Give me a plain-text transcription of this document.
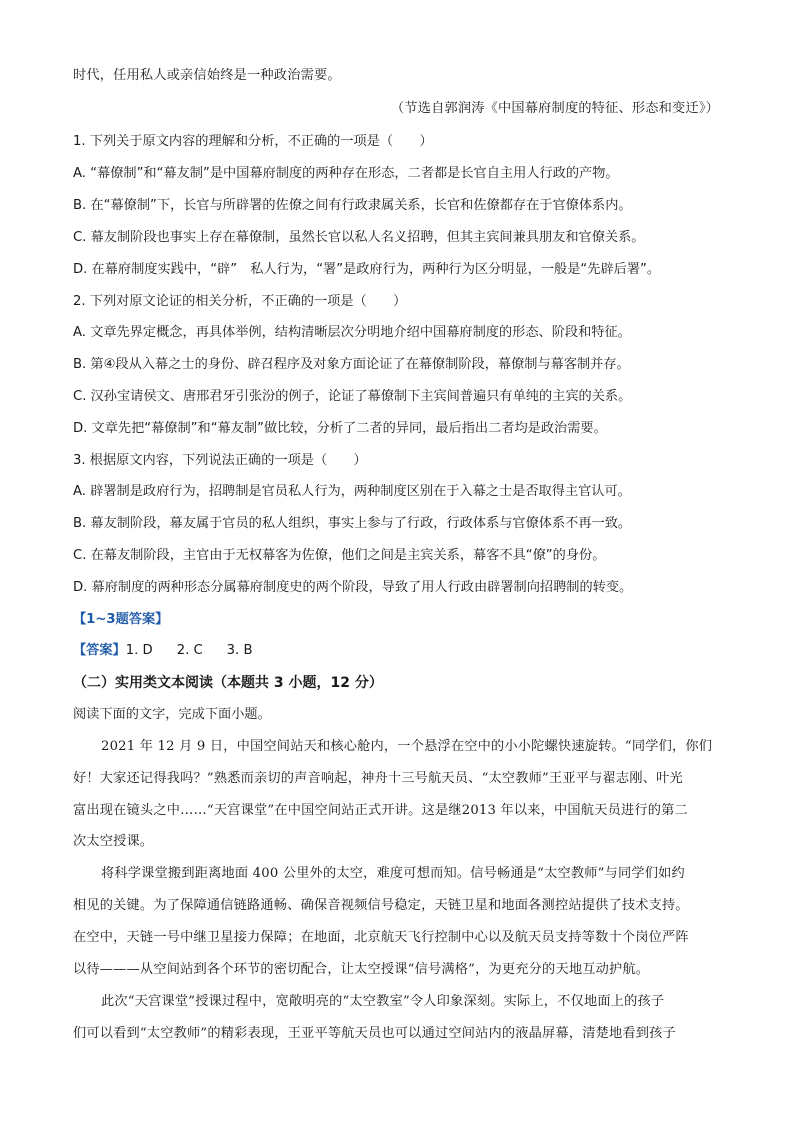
时代，任用私人或亲信始终是一种政治需要。
（节选自郭润涛《中国幕府制度的特征、形态和变迁》）
1. 下列关于原文内容的理解和分析，不正确的一项是（　　）
A. “幕僚制”和“幕友制”是中国幕府制度的两种存在形态，二者都是长官自主用人行政的产物。
B. 在“幕僚制”下，长官与所辟署的佐僚之间有行政隶属关系，长官和佐僚都存在于官僚体系内。
C. 幕友制阶段也事实上存在幕僚制，虽然长官以私人名义招聘，但其主宾间兼具朋友和官僚关系。
D. 在幕府制度实践中，“辟”　私人行为，“署”是政府行为，两种行为区分明显，一般是“先辟后署”。
2. 下列对原文论证的相关分析，不正确的一项是（　　）
A. 文章先界定概念，再具体举例，结构清晰层次分明地介绍中国幕府制度的形态、阶段和特征。
B. 第④段从入幕之士的身份、辟召程序及对象方面论证了在幕僚制阶段，幕僚制与幕客制并存。
C. 汉孙宝请侯文、唐邢君牙引张汾的例子，论证了幕僚制下主宾间普遍只有单纯的主宾的关系。
D. 文章先把“幕僚制”和“幕友制”做比较，分析了二者的异同，最后指出二者均是政治需要。
3. 根据原文内容，下列说法正确的一项是（　　）
A. 辟署制是政府行为，招聘制是官员私人行为，两种制度区别在于入幕之士是否取得主官认可。
B. 幕友制阶段，幕友属于官员的私人组织，事实上参与了行政，行政体系与官僚体系不再一致。
C. 在幕友制阶段，主官由于无权幕客为佐僚，他们之间是主宾关系，幕客不具“僚”的身份。
D. 幕府制度的两种形态分属幕府制度史的两个阶段，导致了用人行政由辟署制向招聘制的转变。
【1~3题答案】
【答案】1. D 2. C 3. B
（二）实用类文本阅读（本题共 3 小题，12 分）
阅读下面的文字，完成下面小题。
2021 年 12 月 9 日，中国空间站天和核心舱内，一个悬浮在空中的小小陀螺快速旋转。“同学们，你们
好！大家还记得我吗？”熟悉而亲切的声音响起，神舟十三号航天员、“太空教师”王亚平与翟志刚、叶光
富出现在镜头之中……“天宫课堂”在中国空间站正式开讲。这是继2013 年以来，中国航天员进行的第二
次太空授课。
将科学课堂搬到距离地面 400 公里外的太空，难度可想而知。信号畅通是“太空教师”与同学们如约
相见的关键。为了保障通信链路通畅、确保音视频信号稳定，天链卫星和地面各测控站提供了技术支持。
在空中，天链一号中继卫星接力保障；在地面，北京航天飞行控制中心以及航天员支持等数十个岗位严阵
以待———从空间站到各个环节的密切配合，让太空授课“信号满格”，为更充分的天地互动护航。
此次“天宫课堂”授课过程中，宽敞明亮的“太空教室”令人印象深刻。实际上，不仅地面上的孩子
们可以看到“太空教师”的精彩表现，王亚平等航天员也可以通过空间站内的液晶屏幕，清楚地看到孩子
